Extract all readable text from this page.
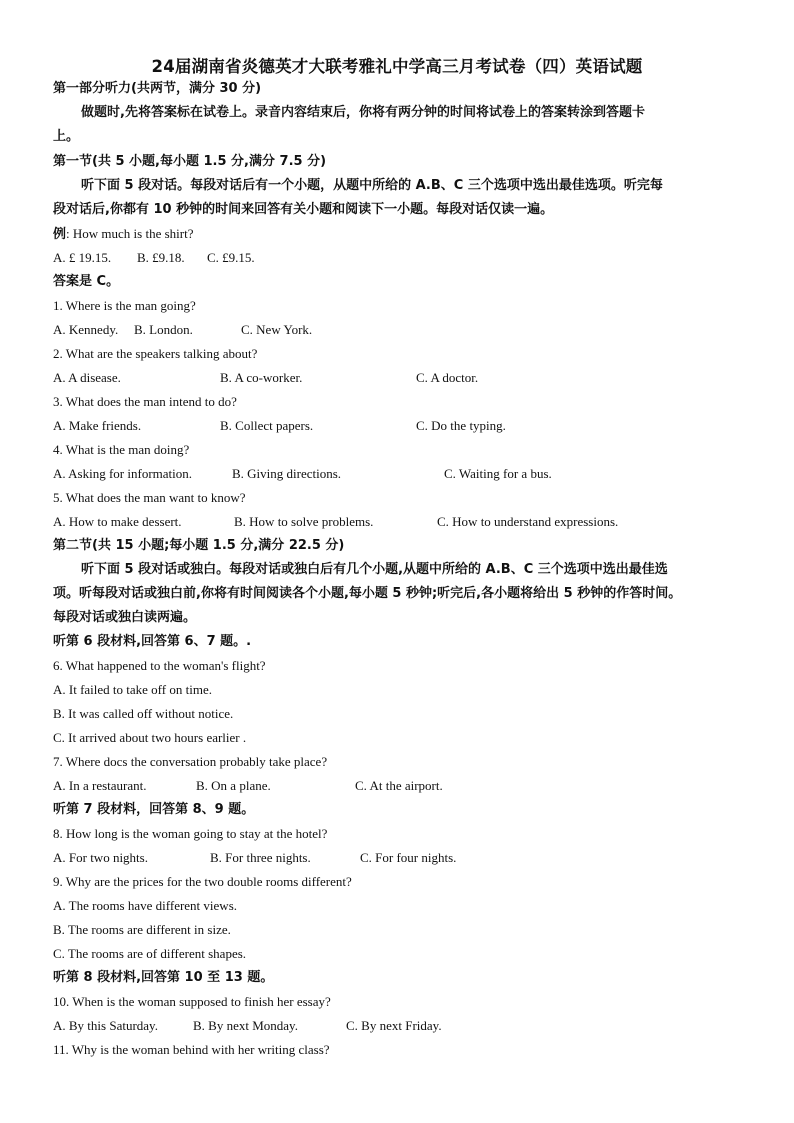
24届湖南省炎德英才大联考雅礼中学高三月考试卷（四）英语试题
第一部分听力(共两节，满分 30 分)
做题时,先将答案标在试卷上。录音内容结束后，你将有两分钟的时间将试卷上的答案转涂到答题卡
上。
第一节(共 5 小题,每小题 1.5 分,满分 7.5 分)
听下面 5 段对话。每段对话后有一个小题，从题中所给的 A.B、C 三个选项中选出最佳选项。听完每
段对话后,你都有 10 秒钟的时间来回答有关小题和阅读下一小题。每段对话仅读一遍。
例: How much is the shirt?
A. £ 19.15. B. £9.18. C. £9.15.
答案是 C。
1. Where is the man going?
A. Kennedy. B. London.	C. New York.
2. What are the speakers talking about?
A. A disease.	B. A co-worker.	C. A doctor.
3. What does the man intend to do?
A. Make friends.	B. Collect papers.	C. Do the typing.
4. What is the man doing?
A. Asking for information.	B. Giving directions.	C. Waiting for a bus.
5. What does the man want to know?
A. How to make dessert.	B. How to solve problems.	C. How to understand expressions.
第二节(共 15 小题;每小题 1.5 分,满分 22.5 分)
听下面 5 段对话或独白。每段对话或独白后有几个小题,从题中所给的 A.B、C 三个选项中选出最佳选
项。听每段对话或独白前,你将有时间阅读各个小题,每小题 5 秒钟;听完后,各小题将给出 5 秒钟的作答时间。
每段对话或独白读两遍。
听第 6 段材料,回答第 6、7 题。.
6. What happened to the woman's flight?
A. It failed to take off on time.
B. It was called off without notice.
C. It arrived about two hours earlier .
7. Where docs the conversation probably take place?
A. In a restaurant.	B. On a plane.	C. At the airport.
听第 7 段材料，回答第 8、9 题。
8. How long is the woman going to stay at the hotel?
A. For two nights.	B. For three nights.	C. For four nights.
9. Why are the prices for the two double rooms different?
A. The rooms have different views.
B. The rooms are different in size.
C. The rooms are of different shapes.
听第 8 段材料,回答第 10 至 13 题。
10. When is the woman supposed to finish her essay?
A. By this Saturday.	B. By next Monday.	C. By next Friday.
11. Why is the woman behind with her writing class?
